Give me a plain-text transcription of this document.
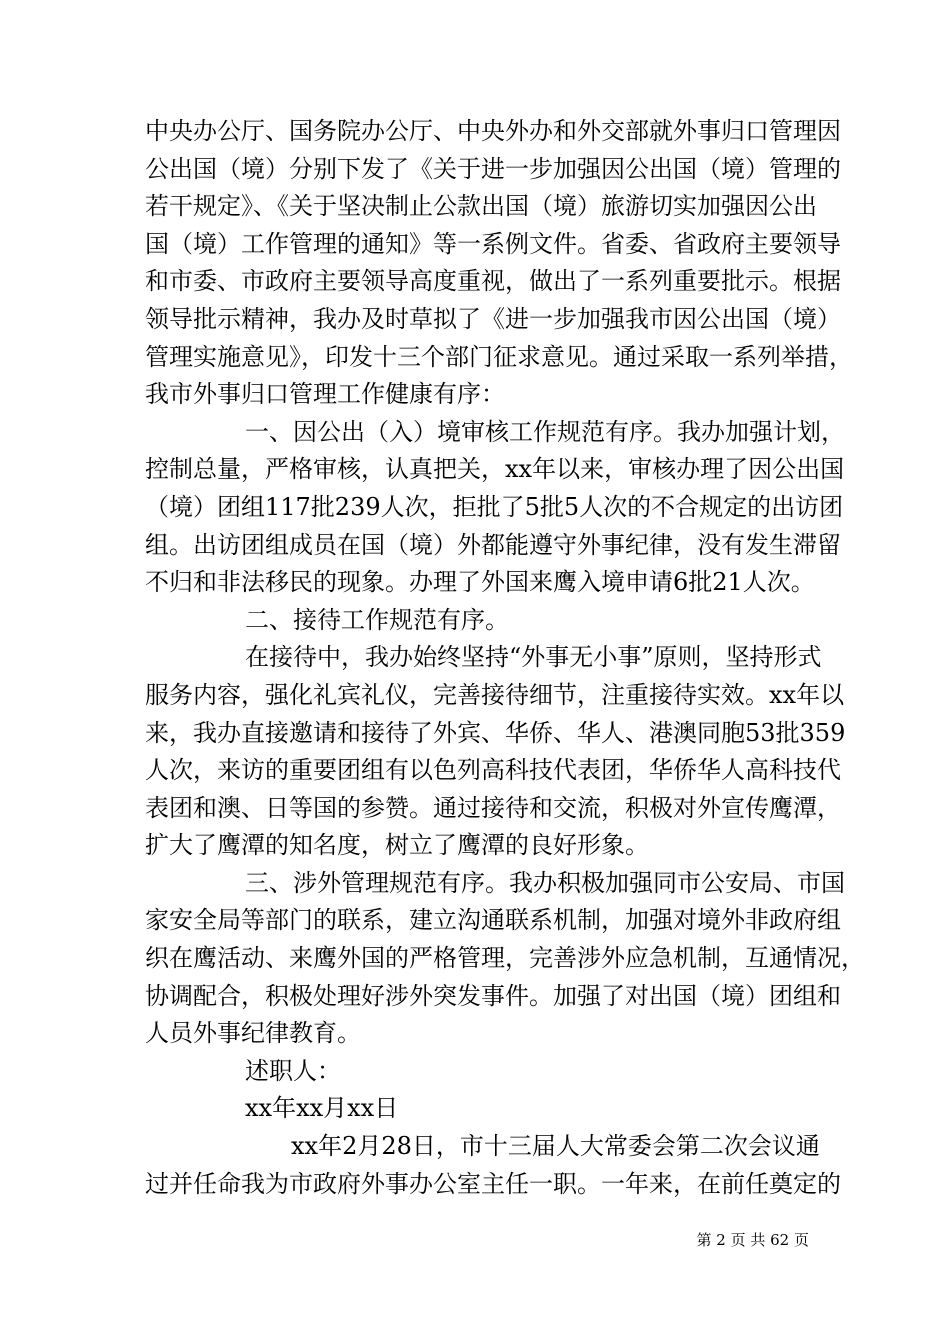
中央办公厅、国务院办公厅、中央外办和外交部就外事归口管理因
公出国（境）分别下发了《关于进一步加强因公出国（境）管理的
若干规定》、《关于坚决制止公款出国（境）旅游切实加强因公出
国（境）工作管理的通知》等一系例文件。省委、省政府主要领导
和市委、市政府主要领导高度重视，做出了一系列重要批示。根据
领导批示精神，我办及时草拟了《进一步加强我市因公出国（境）
管理实施意见》，印发十三个部门征求意见。通过采取一系列举措，
我市外事归口管理工作健康有序：
一、因公出（入）境审核工作规范有序。我办加强计划，
控制总量，严格审核，认真把关，xx年以来，审核办理了因公出国
（境）团组117批239人次，拒批了5批5人次的不合规定的出访团
组。出访团组成员在国（境）外都能遵守外事纪律，没有发生滞留
不归和非法移民的现象。办理了外国来鹰入境申请6批21人次。
二、接待工作规范有序。
在接待中，我办始终坚持“外事无小事”原则，坚持形式
服务内容，强化礼宾礼仪，完善接待细节，注重接待实效。xx年以
来，我办直接邀请和接待了外宾、华侨、华人、港澳同胞53批359
人次，来访的重要团组有以色列高科技代表团，华侨华人高科技代
表团和澳、日等国的参赞。通过接待和交流，积极对外宣传鹰潭，
扩大了鹰潭的知名度，树立了鹰潭的良好形象。
三、涉外管理规范有序。我办积极加强同市公安局、市国
家安全局等部门的联系，建立沟通联系机制，加强对境外非政府组
织在鹰活动、来鹰外国的严格管理，完善涉外应急机制，互通情况，
协调配合，积极处理好涉外突发事件。加强了对出国（境）团组和
人员外事纪律教育。
述职人：
xx年xx月xx日
xx年2月28日，市十三届人大常委会第二次会议通
过并任命我为市政府外事办公室主任一职。一年来，在前任奠定的
第 2 页 共 62 页
